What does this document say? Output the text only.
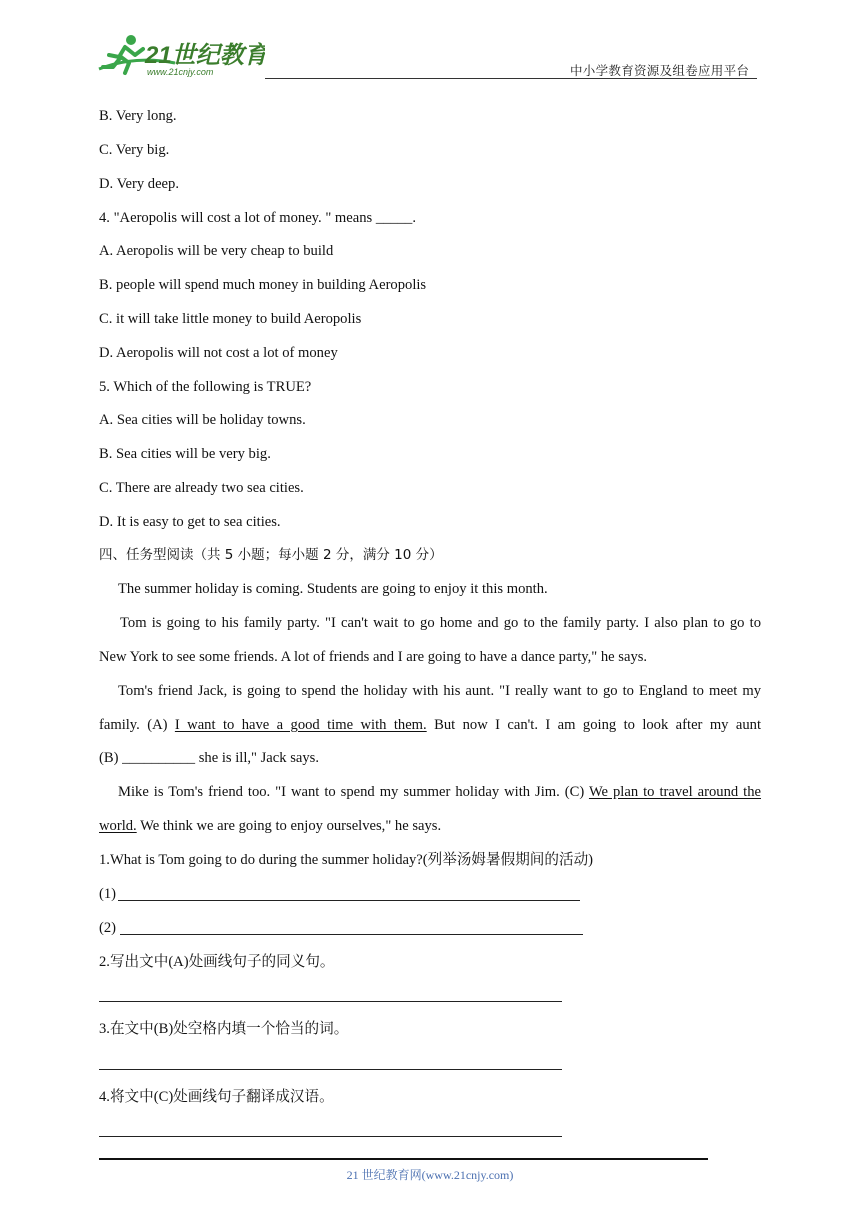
21世纪教育
www.21cnjy.com	中小学教育资源及组卷应用平台
B. Very long.
C. Very big.
D. Very deep.
4. "Aeropolis will cost a lot of money. " means _____.
A. Aeropolis will be very cheap to build
B. people will spend much money in building Aeropolis
C. it will take little money to build Aeropolis
D. Aeropolis will not cost a lot of money
5. Which of the following is TRUE?
A. Sea cities will be holiday towns.
B. Sea cities will be very big.
C. There are already two sea cities.
D. It is easy to get to sea cities.
四、任务型阅读（共 5 小题；每小题 2 分，满分 10 分）
The summer holiday is coming. Students are going to enjoy it this month.
Tom is going to his family party. "I can't wait to go home and go to the family party. I also plan to go to
New York to see some friends. A lot of friends and I are going to have a dance party," he says.
Tom's friend Jack, is going to spend the holiday with his aunt. "I really want to go to England to meet my
family. (A) I want to have a good time with them. But now I can't. I am going to look after my aunt
(B) __________ she is ill," Jack says.
Mike is Tom's friend too. "I want to spend my summer holiday with Jim. (C) We plan to travel around the
world. We think we are going to enjoy ourselves," he says.
1.What is Tom going to do during the summer holiday?(列举汤姆暑假期间的活动)
(1)
(2)
2.写出文中(A)处画线句子的同义句。
3.在文中(B)处空格内填一个恰当的词。
4.将文中(C)处画线句子翻译成汉语。
21 世纪教育网(www.21cnjy.com)
